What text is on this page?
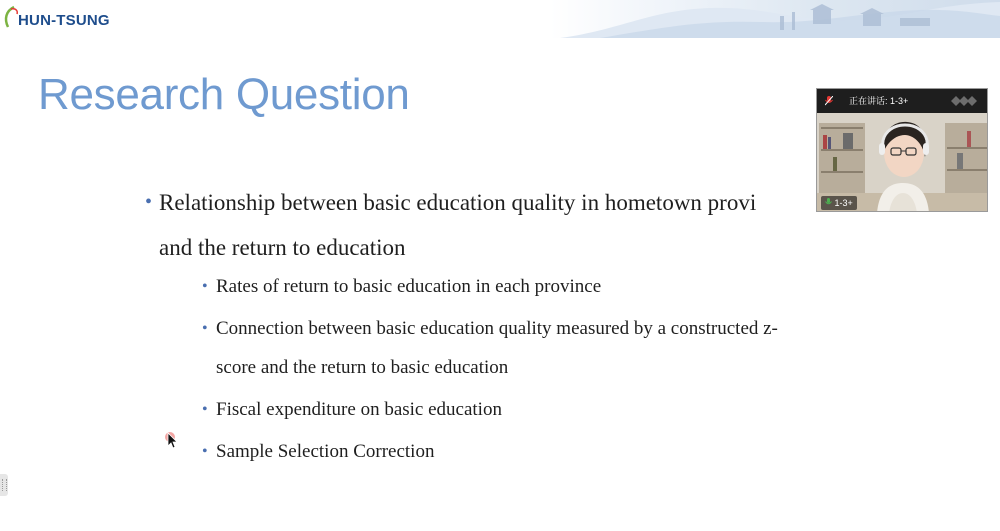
HUN-TSUNG
Research Question
• Relationship between basic education quality in hometown provi
and the return to education
• Rates of return to basic education in each province
• Connection between basic education quality measured by a constructed z-
score and the return to basic education
• Fiscal expenditure on basic education
• Sample Selection Correction
正在讲话: 1-3+
1-3+
